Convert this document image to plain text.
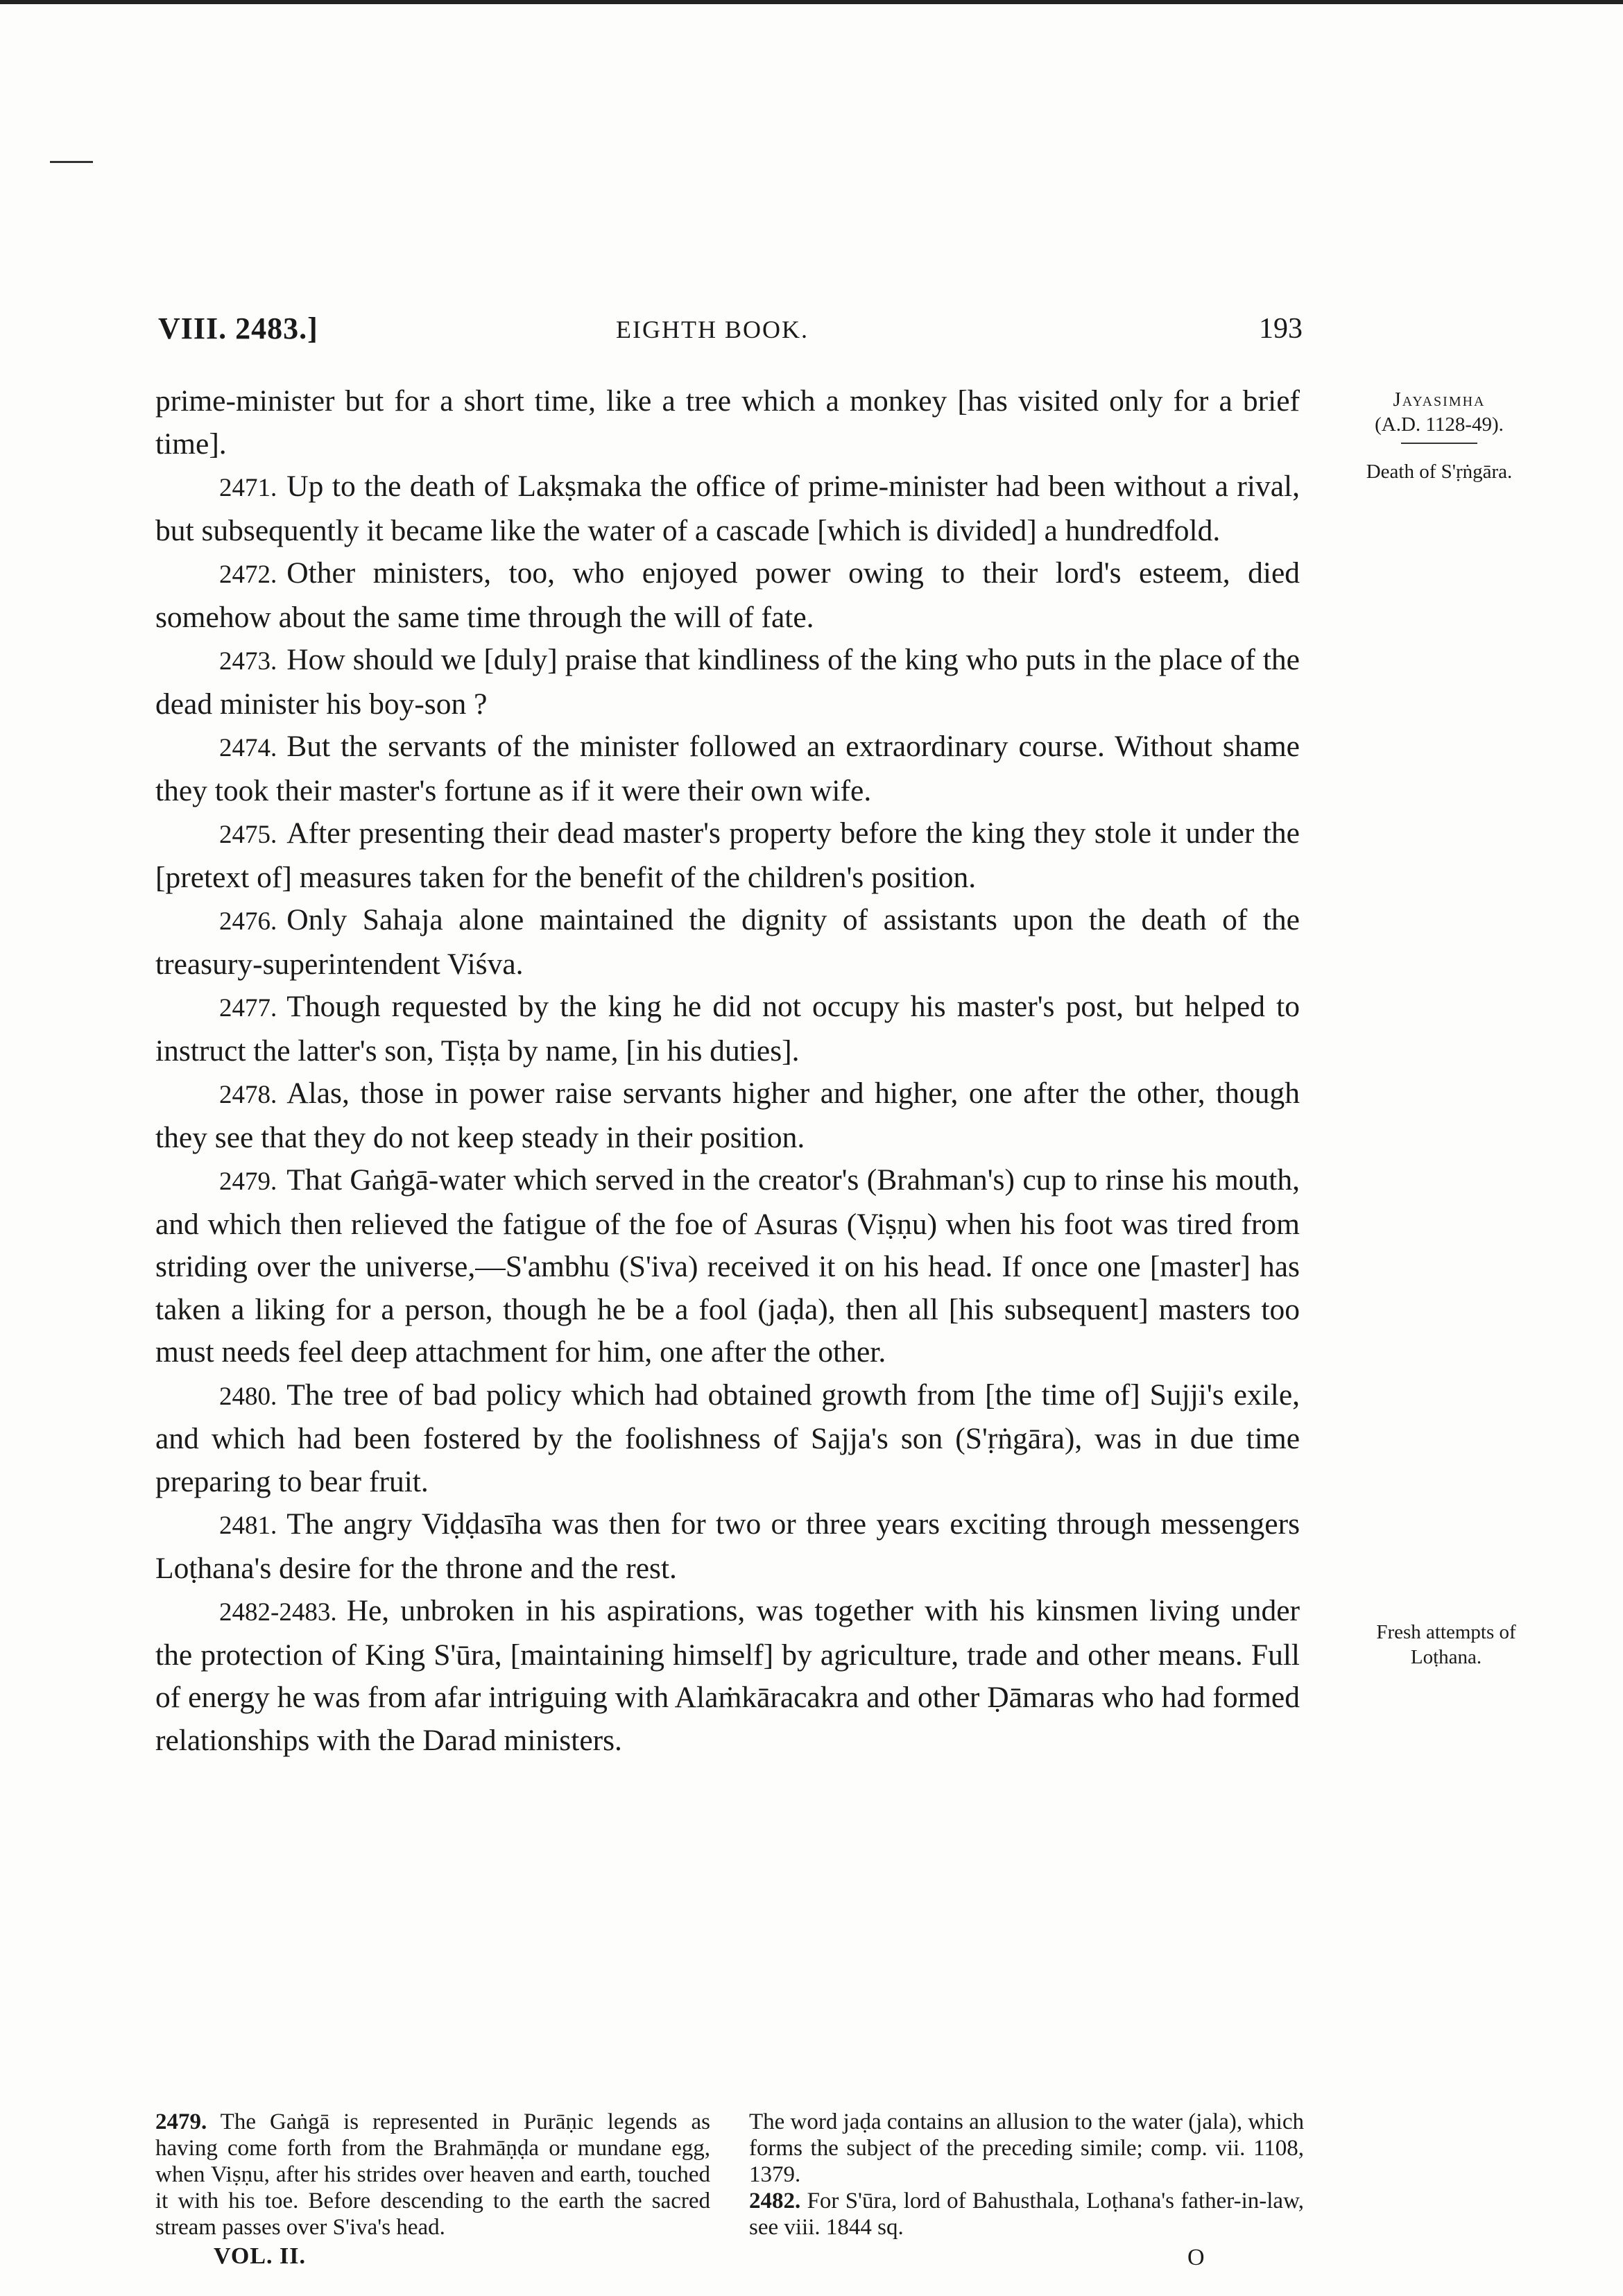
VIII. 2483.]	EIGHTH BOOK.	193
Jayasimha
(A.D. 1128-49).
Death of S'ṛṅgāra.
Fresh attempts of Loṭhana.

prime-minister but for a short time, like a tree which a monkey [has visited only for a brief time].

2471. Up to the death of Lakṣmaka the office of prime-minister had been without a rival, but subsequently it became like the water of a cascade [which is divided] a hundredfold.

2472. Other ministers, too, who enjoyed power owing to their lord's esteem, died somehow about the same time through the will of fate.

2473. How should we [duly] praise that kindliness of the king who puts in the place of the dead minister his boy-son ?

2474. But the servants of the minister followed an extraordinary course. Without shame they took their master's fortune as if it were their own wife.

2475. After presenting their dead master's property before the king they stole it under the [pretext of] measures taken for the benefit of the children's position.

2476. Only Sahaja alone maintained the dignity of assistants upon the death of the treasury-superintendent Viśva.

2477. Though requested by the king he did not occupy his master's post, but helped to instruct the latter's son, Tiṣṭa by name, [in his duties].

2478. Alas, those in power raise servants higher and higher, one after the other, though they see that they do not keep steady in their position.

2479. That Gaṅgā-water which served in the creator's (Brahman's) cup to rinse his mouth, and which then relieved the fatigue of the foe of Asuras (Viṣṇu) when his foot was tired from striding over the universe,—S'ambhu (S'iva) received it on his head. If once one [master] has taken a liking for a person, though he be a fool (jaḍa), then all [his subsequent] masters too must needs feel deep attachment for him, one after the other.

2480. The tree of bad policy which had obtained growth from [the time of] Sujji's exile, and which had been fostered by the foolishness of Sajja's son (S'ṛṅgāra), was in due time preparing to bear fruit.

2481. The angry Viḍḍasīha was then for two or three years exciting through messengers Loṭhana's desire for the throne and the rest.

2482-2483. He, unbroken in his aspirations, was together with his kinsmen living under the protection of King S'ūra, [maintaining himself] by agriculture, trade and other means. Full of energy he was from afar intriguing with Alaṁkāracakra and other Ḍāmaras who had formed relationships with the Darad ministers.

2479. The Gaṅgā is represented in Purāṇic legends as having come forth from the Brahmāṇḍa or mundane egg, when Viṣṇu, after his strides over heaven and earth, touched it with his toe. Before descending to the earth the sacred stream passes over S'iva's head.

The word jaḍa contains an allusion to the water (jala), which forms the subject of the preceding simile; comp. vii. 1108, 1379.

2482. For S'ūra, lord of Bahusthala, Loṭhana's father-in-law, see viii. 1844 sq.

VOL. II.	O
